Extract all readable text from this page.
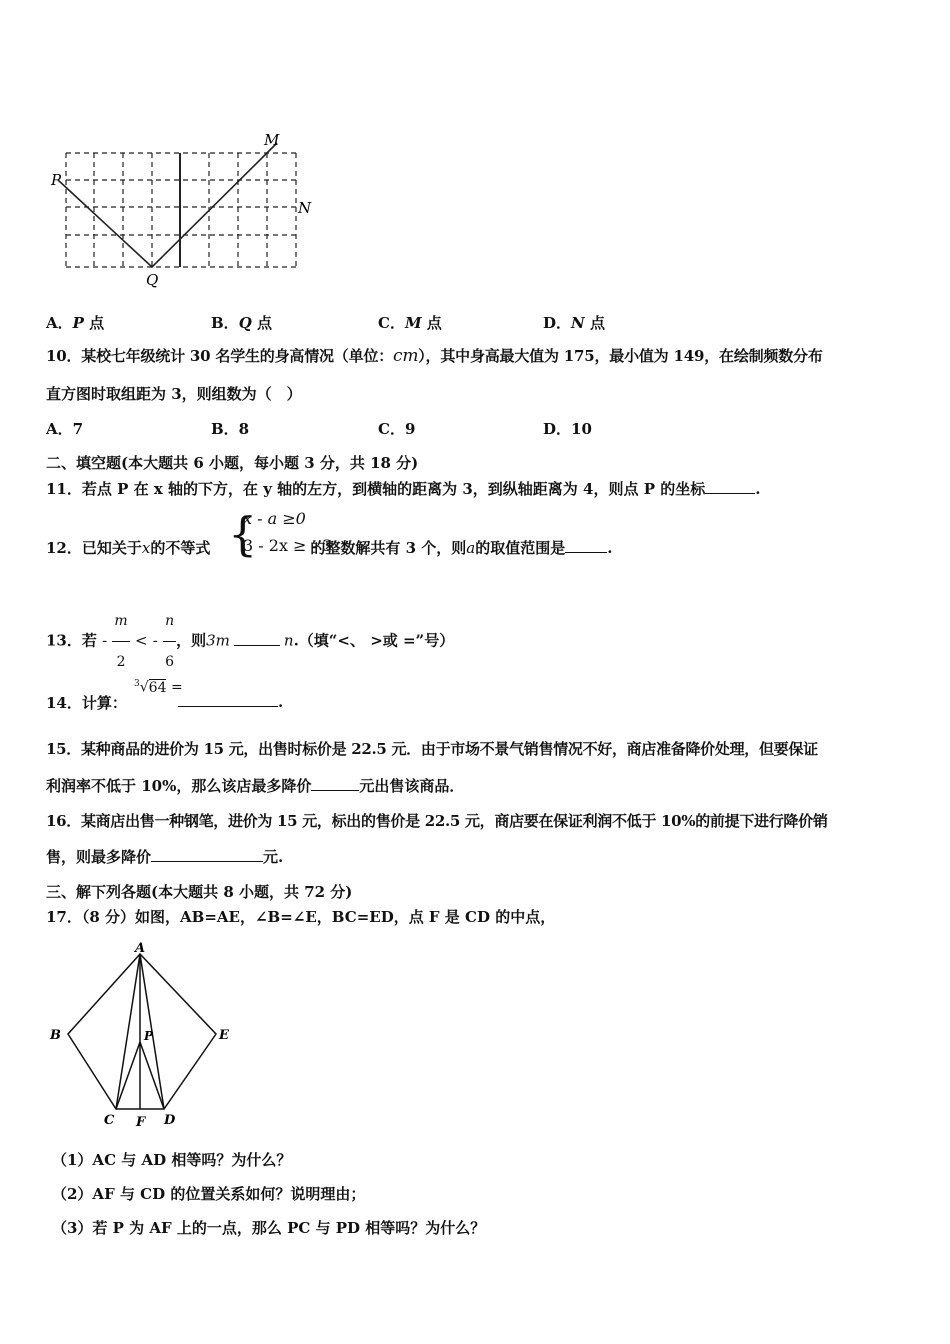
P
Q
M
N
A．P 点	B．Q 点	C．M 点	D．N 点
10．某校七年级统计 30 名学生的身高情况（单位：cm），其中身高最大值为 175，最小值为 149，在绘制频数分布
直方图时取组距为 3，则组数为（　）
A．7	B．8	C．9	D．10
二、填空题(本大题共 6 小题，每小题 3 分，共 18 分)
11．若点 P 在 x 轴的下方，在 y 轴的左方，到横轴的距离为 3，到纵轴距离为 4，则点 P 的坐标	.
12．已知关于x的不等式	的整数解共有 3 个，则a的取值范围是	.
{
x - a ≥0
3 - 2x ≥ - 3
13．若 - $\frac{m}{2}$ < - $\frac{n}{6}$ ，则3m	n.（填“<、 >或 =”号）
14．计算：
$^3$√64 =
.
15．某种商品的进价为 15 元，出售时标价是 22.5 元．由于市场不景气销售情况不好，商店准备降价处理，但要保证
利润率不低于 10%，那么该店最多降价	元出售该商品．
16．某商店出售一种钢笔，进价为 15 元，标出的售价是 22.5 元，商店要在保证利润不低于 10%的前提下进行降价销
售，则最多降价	元.
三、解下列各题(本大题共 8 小题，共 72 分)
17．（8 分）如图，AB=AE，∠B=∠E，BC=ED，点 F 是 CD 的中点，
A
B	E
P
C F D
（1）AC 与 AD 相等吗？为什么？
（2）AF 与 CD 的位置关系如何？说明理由；
（3）若 P 为 AF 上的一点，那么 PC 与 PD 相等吗？为什么？
